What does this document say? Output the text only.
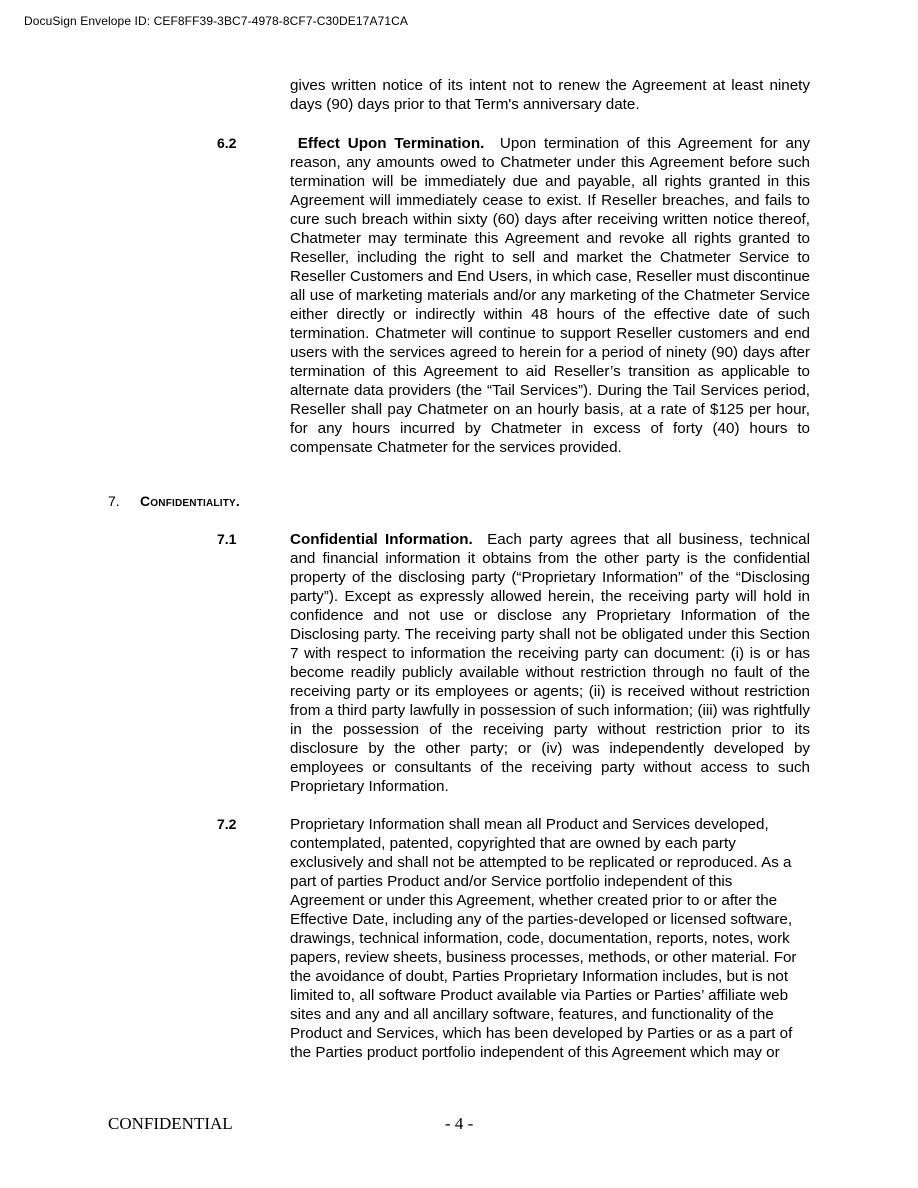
DocuSign Envelope ID: CEF8FF39-3BC7-4978-8CF7-C30DE17A71CA
gives written notice of its intent not to renew the Agreement at least ninety days (90) days prior to that Term's anniversary date.
6.2	Effect Upon Termination. Upon termination of this Agreement for any reason, any amounts owed to Chatmeter under this Agreement before such termination will be immediately due and payable, all rights granted in this Agreement will immediately cease to exist. If Reseller breaches, and fails to cure such breach within sixty (60) days after receiving written notice thereof, Chatmeter may terminate this Agreement and revoke all rights granted to Reseller, including the right to sell and market the Chatmeter Service to Reseller Customers and End Users, in which case, Reseller must discontinue all use of marketing materials and/or any marketing of the Chatmeter Service either directly or indirectly within 48 hours of the effective date of such termination. Chatmeter will continue to support Reseller customers and end users with the services agreed to herein for a period of ninety (90) days after termination of this Agreement to aid Reseller’s transition as applicable to alternate data providers (the “Tail Services”). During the Tail Services period, Reseller shall pay Chatmeter on an hourly basis, at a rate of $125 per hour, for any hours incurred by Chatmeter in excess of forty (40) hours to compensate Chatmeter for the services provided.
7. Confidentiality.
7.1	Confidential Information. Each party agrees that all business, technical and financial information it obtains from the other party is the confidential property of the disclosing party (“Proprietary Information” of the “Disclosing party”). Except as expressly allowed herein, the receiving party will hold in confidence and not use or disclose any Proprietary Information of the Disclosing party. The receiving party shall not be obligated under this Section 7 with respect to information the receiving party can document: (i) is or has become readily publicly available without restriction through no fault of the receiving party or its employees or agents; (ii) is received without restriction from a third party lawfully in possession of such information; (iii) was rightfully in the possession of the receiving party without restriction prior to its disclosure by the other party; or (iv) was independently developed by employees or consultants of the receiving party without access to such Proprietary Information.
7.2	Proprietary Information shall mean all Product and Services developed, contemplated, patented, copyrighted that are owned by each party exclusively and shall not be attempted to be replicated or reproduced. As a part of parties Product and/or Service portfolio independent of this Agreement or under this Agreement, whether created prior to or after the Effective Date, including any of the parties-developed or licensed software, drawings, technical information, code, documentation, reports, notes, work papers, review sheets, business processes, methods, or other material. For the avoidance of doubt, Parties Proprietary Information includes, but is not limited to, all software Product available via Parties or Parties’ affiliate web sites and any and all ancillary software, features, and functionality of the Product and Services, which has been developed by Parties or as a part of the Parties product portfolio independent of this Agreement which may or
CONFIDENTIAL	- 4 -
